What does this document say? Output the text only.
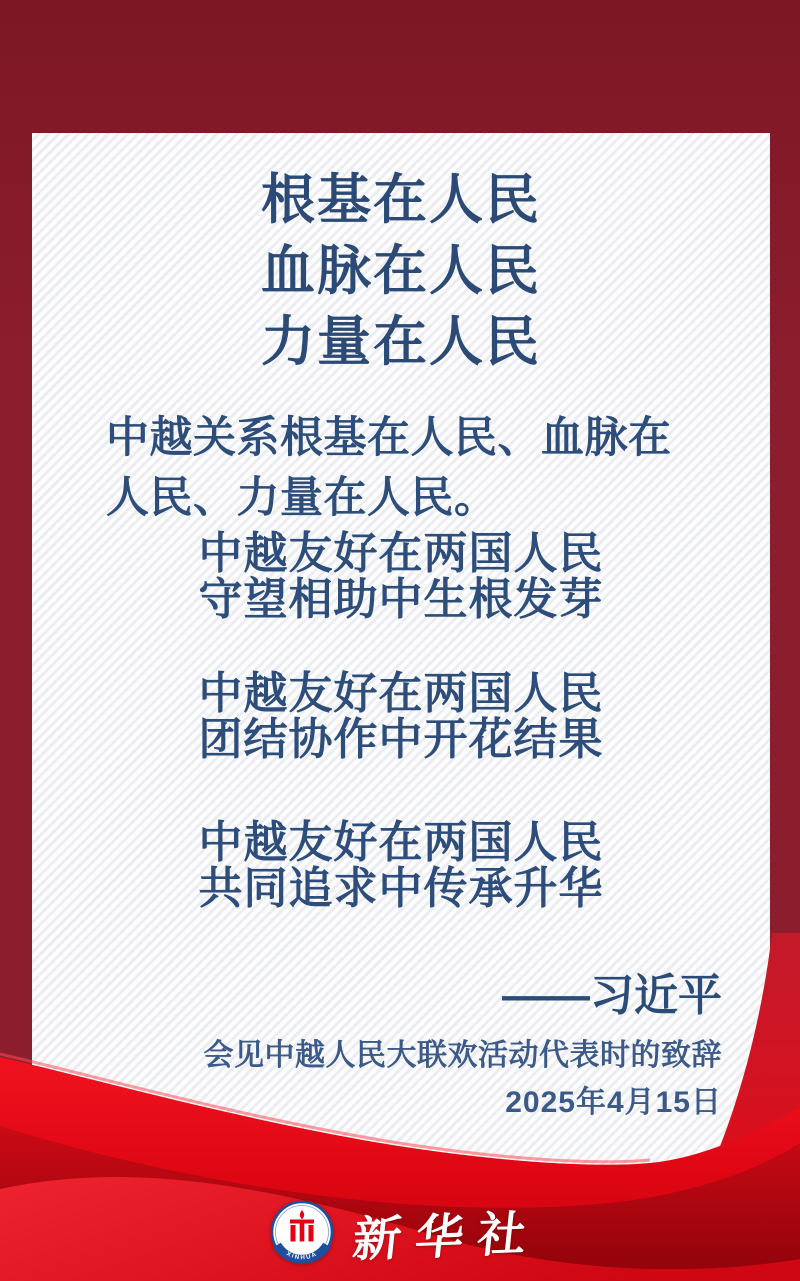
根基在人民
血脉在人民
力量在人民

中越关系根基在人民、血脉在人民、力量在人民。

中越友好在两国人民
守望相助中生根发芽
中越友好在两国人民
团结协作中开花结果
中越友好在两国人民
共同追求中传承升华
——习近平
会见中越人民大联欢活动代表时的致辞
2025年4月15日
XINHUA 新华社
